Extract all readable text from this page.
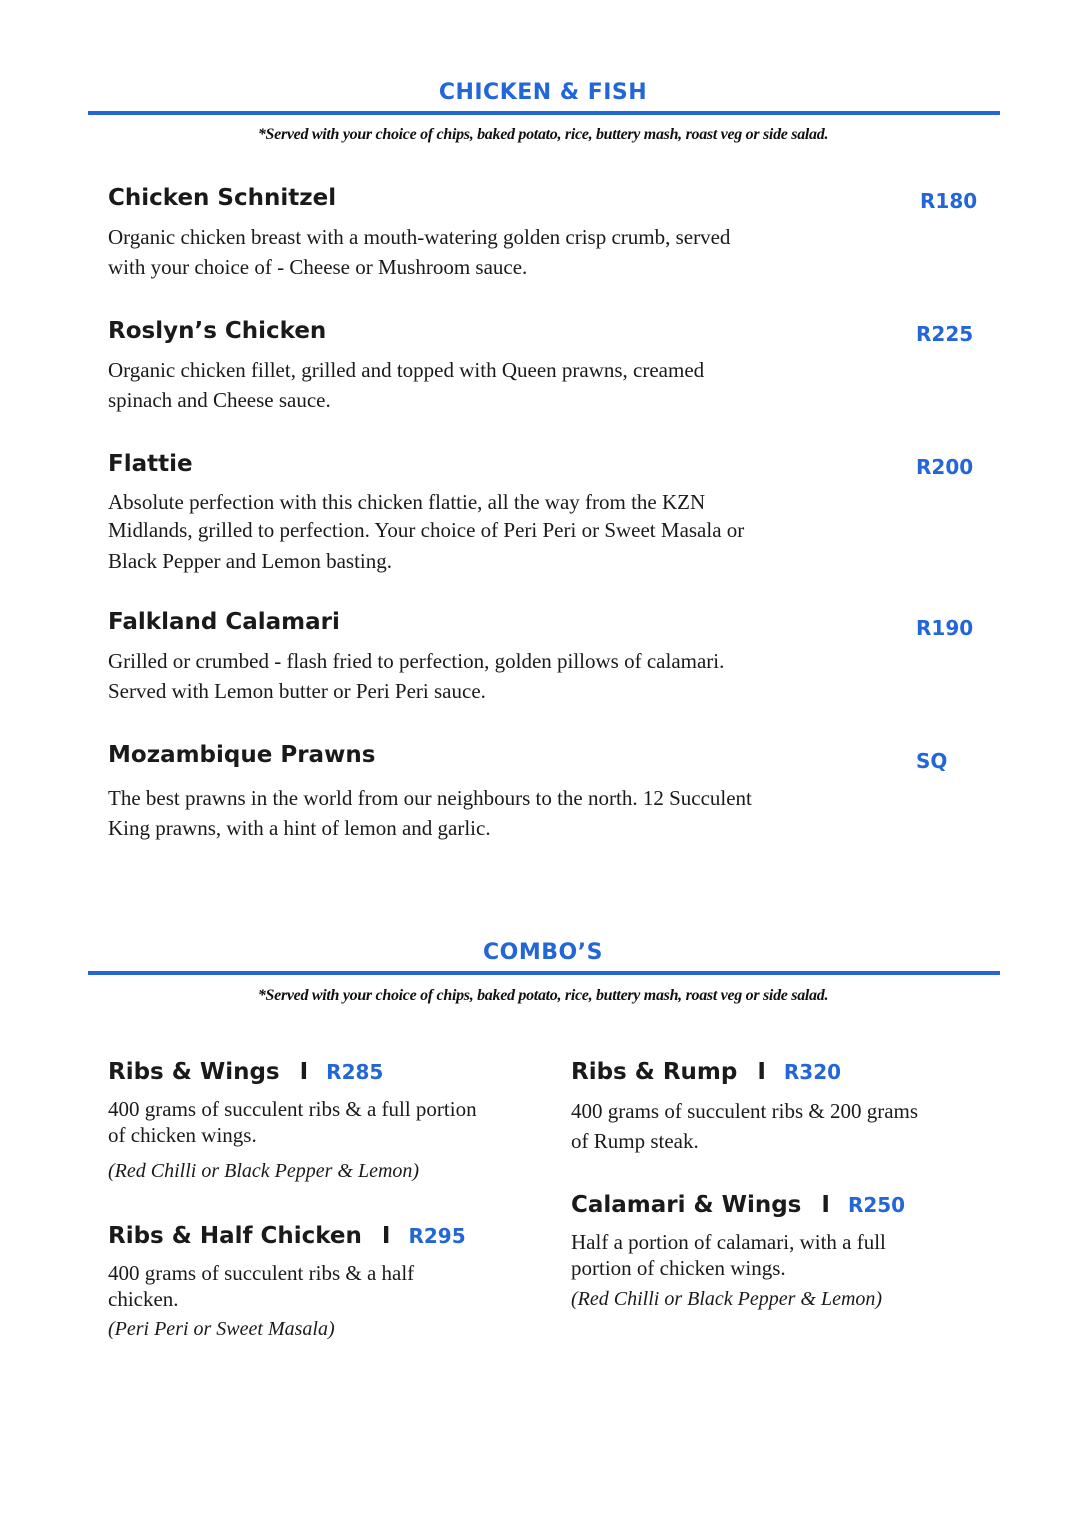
CHICKEN & FISH
*Served with your choice of chips, baked potato, rice, buttery mash, roast veg or side salad.
Chicken Schnitzel	R180
Organic chicken breast with a mouth-watering golden crisp crumb, served
with your choice of - Cheese or Mushroom sauce.
Roslyn’s Chicken	R225
Organic chicken fillet, grilled and topped with Queen prawns, creamed
spinach and Cheese sauce.
Flattie	R200
Absolute perfection with this chicken flattie, all the way from the KZN
Midlands, grilled to perfection. Your choice of Peri Peri or Sweet Masala or
Black Pepper and Lemon basting.
Falkland Calamari	R190
Grilled or crumbed - flash fried to perfection, golden pillows of calamari.
Served with Lemon butter or Peri Peri sauce.
Mozambique Prawns	SQ
The best prawns in the world from our neighbours to the north. 12 Succulent
King prawns, with a hint of lemon and garlic.
COMBO’S
*Served with your choice of chips, baked potato, rice, buttery mash, roast veg or side salad.
Ribs & Wings I R285
400 grams of succulent ribs & a full portion
of chicken wings.
(Red Chilli or Black Pepper & Lemon)
Ribs & Half Chicken I R295
400 grams of succulent ribs & a half
chicken.
(Peri Peri or Sweet Masala)
Ribs & Rump I R320
400 grams of succulent ribs & 200 grams
of Rump steak.
Calamari & Wings I R250
Half a portion of calamari, with a full
portion of chicken wings.
(Red Chilli or Black Pepper & Lemon)
